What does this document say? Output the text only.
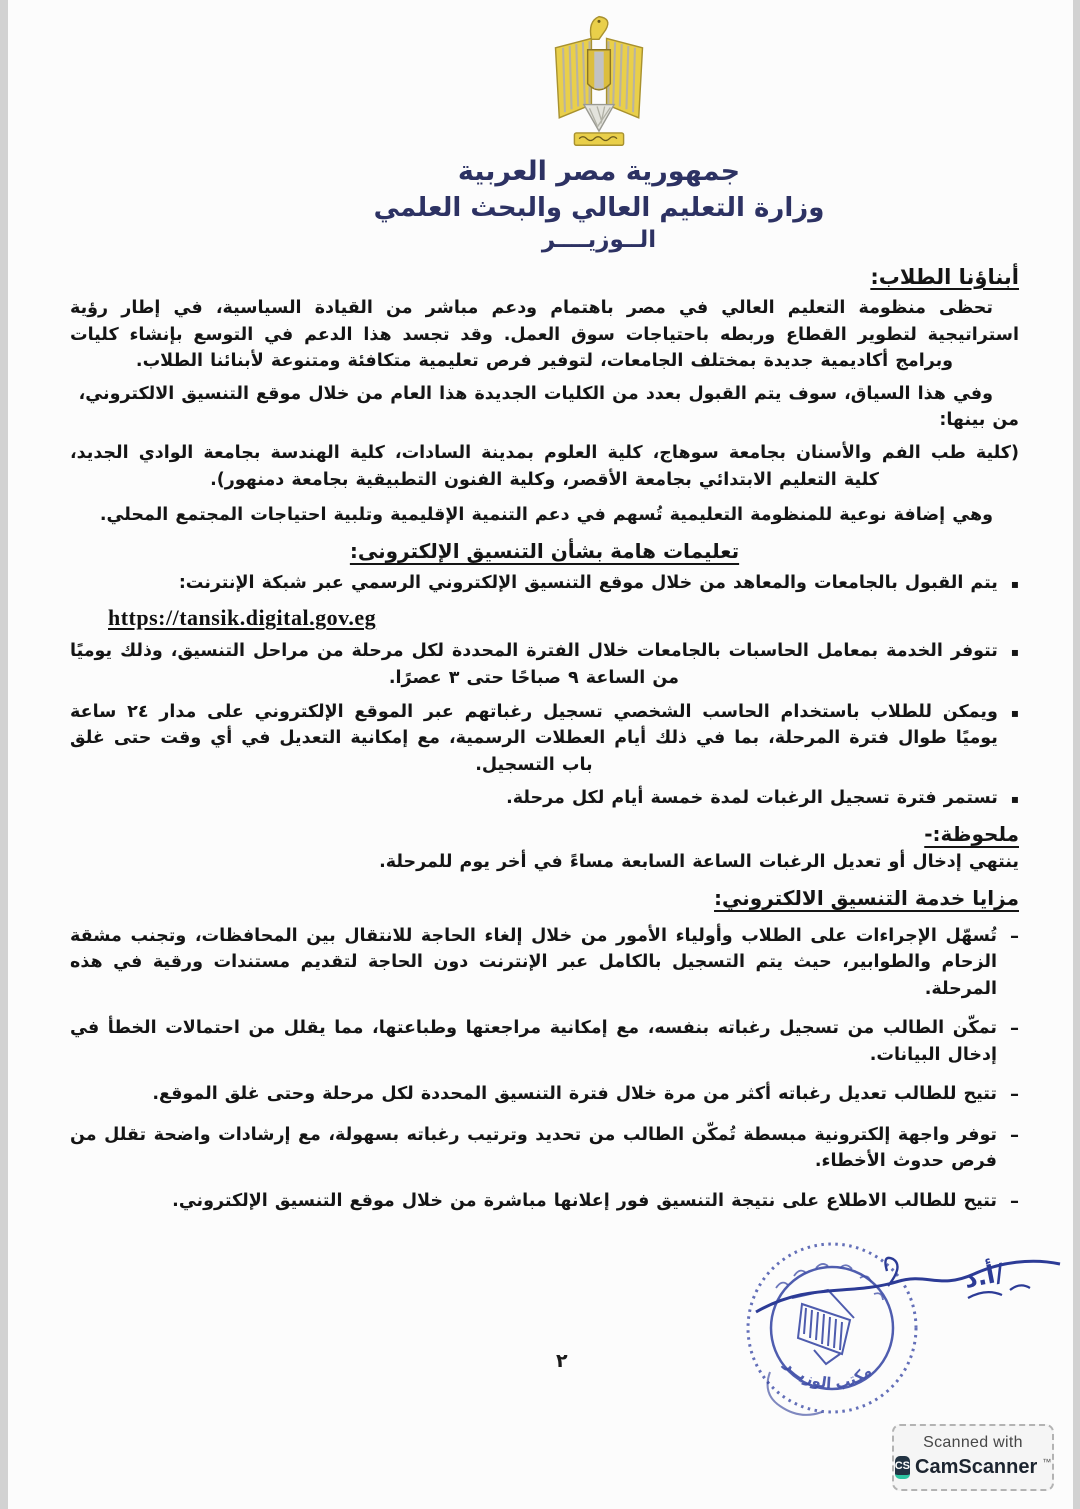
جمهورية مصر العربية
وزارة التعليم العالي والبحث العلمي
الــوزيــــر
أبناؤنا الطلاب:
تحظى منظومة التعليم العالي في مصر باهتمام ودعم مباشر من القيادة السياسية، في إطار رؤية استراتيجية لتطوير القطاع وربطه باحتياجات سوق العمل. وقد تجسد هذا الدعم في التوسع بإنشاء كليات وبرامج أكاديمية جديدة بمختلف الجامعات، لتوفير فرص تعليمية متكافئة ومتنوعة لأبنائنا الطلاب.
وفي هذا السياق، سوف يتم القبول بعدد من الكليات الجديدة هذا العام من خلال موقع التنسيق الالكتروني، من بينها:
(كلية طب الفم والأسنان بجامعة سوهاج، كلية العلوم بمدينة السادات، كلية الهندسة بجامعة الوادي الجديد، كلية التعليم الابتدائي بجامعة الأقصر، وكلية الفنون التطبيقية بجامعة دمنهور).
وهي إضافة نوعية للمنظومة التعليمية تُسهم في دعم التنمية الإقليمية وتلبية احتياجات المجتمع المحلي.
تعليمات هامة بشأن التنسيق الإلكترونى:
▪
يتم القبول بالجامعات والمعاهد من خلال موقع التنسيق الإلكتروني الرسمي عبر شبكة الإنترنت:
https://tansik.digital.gov.eg
▪
تتوفر الخدمة بمعامل الحاسبات بالجامعات خلال الفترة المحددة لكل مرحلة من مراحل التنسيق، وذلك يوميًا من الساعة ٩ صباحًا حتى ٣ عصرًا.
▪
ويمكن للطلاب باستخدام الحاسب الشخصي تسجيل رغباتهم عبر الموقع الإلكتروني على مدار ٢٤ ساعة يوميًا طوال فترة المرحلة، بما في ذلك أيام العطلات الرسمية، مع إمكانية التعديل في أي وقت حتى غلق باب التسجيل.
▪
تستمر فترة تسجيل الرغبات لمدة خمسة أيام لكل مرحلة.
ملحوظة:-
ينتهي إدخال أو تعديل الرغبات الساعة السابعة مساءً في أخر يوم للمرحلة.
مزايا خدمة التنسيق الالكتروني:
–
تُسهّل الإجراءات على الطلاب وأولياء الأمور من خلال إلغاء الحاجة للانتقال بين المحافظات، وتجنب مشقة الزحام والطوابير، حيث يتم التسجيل بالكامل عبر الإنترنت دون الحاجة لتقديم مستندات ورقية في هذه المرحلة.
–
تمكّن الطالب من تسجيل رغباته بنفسه، مع إمكانية مراجعتها وطباعتها، مما يقلل من احتمالات الخطأ في إدخال البيانات.
–
تتيح للطالب تعديل رغباته أكثر من مرة خلال فترة التنسيق المحددة لكل مرحلة وحتى غلق الموقع.
–
توفر واجهة إلكترونية مبسطة تُمكّن الطالب من تحديد وترتيب رغباته بسهولة، مع إرشادات واضحة تقلل من فرص حدوث الأخطاء.
–
تتيح للطالب الاطلاع على نتيجة التنسيق فور إعلانها مباشرة من خلال موقع التنسيق الإلكتروني.
مكتب الوزيــر
أ.د/
٢
Scanned with
CS CamScanner ™
